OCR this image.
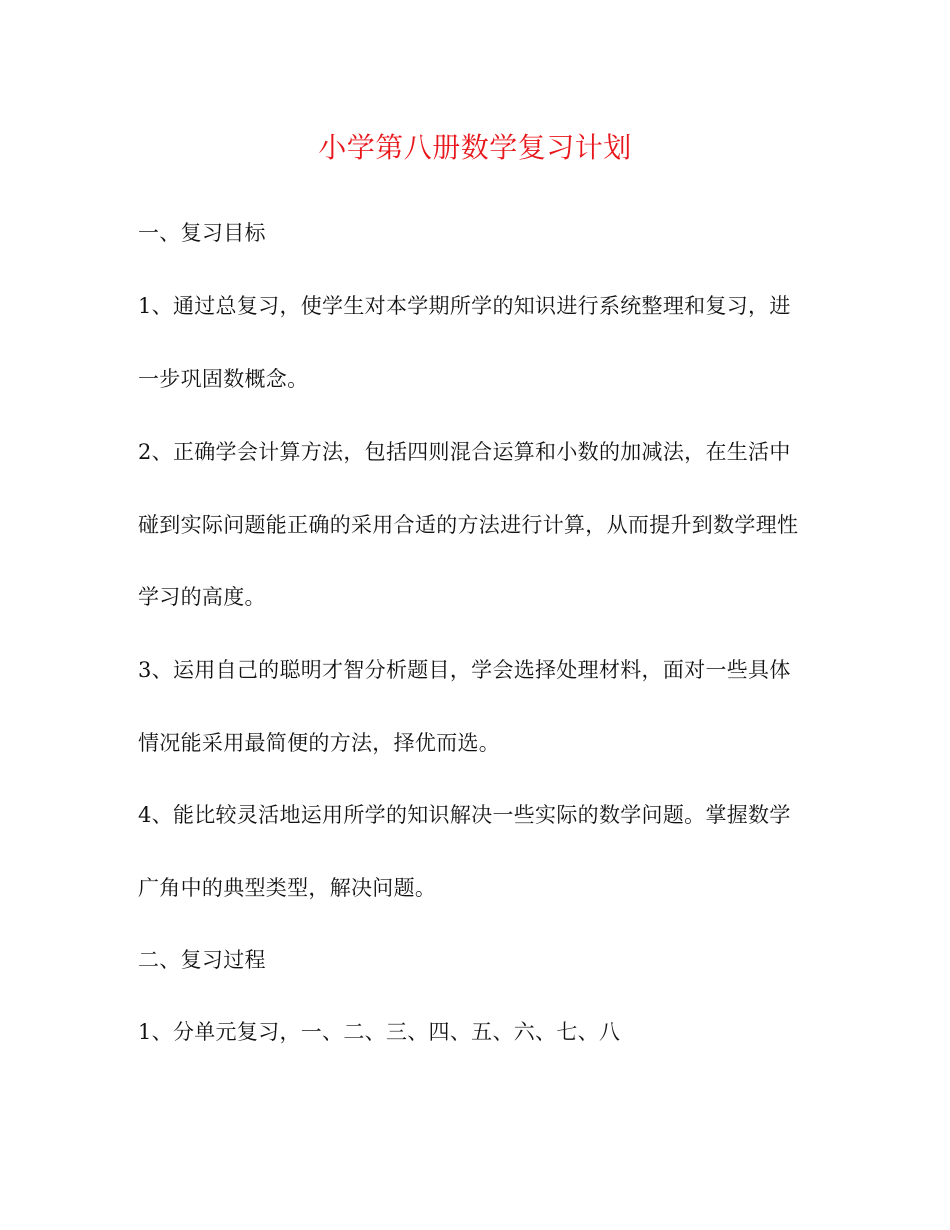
小学第八册数学复习计划
一、复习目标
1、通过总复习，使学生对本学期所学的知识进行系统整理和复习，进
一步巩固数概念。
2、正确学会计算方法，包括四则混合运算和小数的加减法，在生活中
碰到实际问题能正确的采用合适的方法进行计算，从而提升到数学理性
学习的高度。
3、运用自己的聪明才智分析题目，学会选择处理材料，面对一些具体
情况能采用最简便的方法，择优而选。
4、能比较灵活地运用所学的知识解决一些实际的数学问题。掌握数学
广角中的典型类型，解决问题。
二、复习过程
1、分单元复习，一、二、三、四、五、六、七、八
